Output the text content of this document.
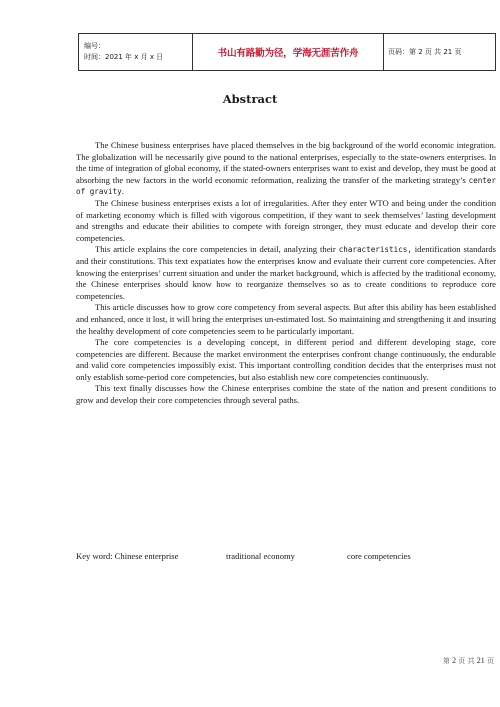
编号：
时间：2021 年 x 月 x 日	书山有路勤为径，学海无涯苦作舟	页码：第 2 页 共 21 页
Abstract

The Chinese business enterprises have placed themselves in the big background of the world economic integration. The globalization will be necessarily give pound to the national enterprises, especially to the state-owners enterprises. In the time of integration of global economy, if the stated-owners enterprises want to exist and develop, they must be good at absorbing the new factors in the world economic reformation, realizing the transfer of the marketing strategy’s center of gravity.

The Chinese business enterprises exists a lot of irregularities. After they enter WTO and being under the condition of marketing economy which is filled with vigorous competition, if they want to seek themselves’ lasting development and strengths and educate their abilities to compete with foreign stronger, they must educate and develop their core competencies.

This article explains the core competencies in detail, analyzing their characteristics, identification standards and their constitutions. This text expatiates how the enterprises know and evaluate their current core competencies. After knowing the enterprises’ current situation and under the market background, which is affected by the traditional economy, the Chinese enterprises should know how to reorganize themselves so as to create conditions to reproduce core competencies.

This article discusses how to grow core competency from several aspects. But after this ability has been established and enhanced, once it lost, it will bring the enterprises un-estimated lost. So maintaining and strengthening it and insuring the healthy development of core competencies seem to be particularly important.

The core competencies is a developing concept, in different period and different developing stage, core competencies are different. Because the market environment the enterprises confront change continuously, the endurable and valid core competencies impossibly exist. This important controlling condition decides that the enterprises must not only establish some-period core competencies, but also establish new core competencies continuously.

This text finally discusses how the Chinese enterprises combine the state of the nation and present conditions to grow and develop their core competencies through several paths.

Key word: Chinese enterprise	traditional economy	core competencies
第 2 页 共 21 页
